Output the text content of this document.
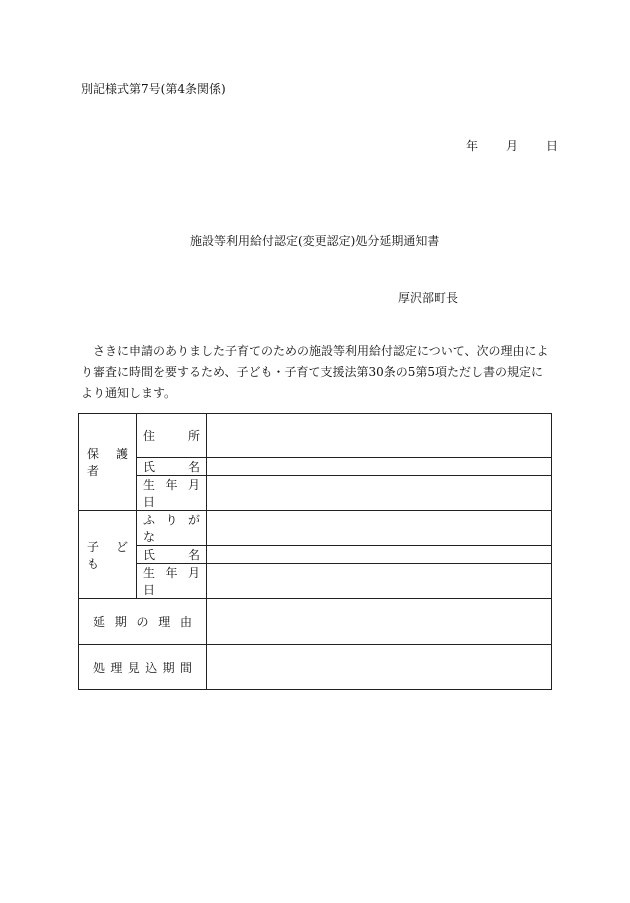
別記様式第7号(第4条関係)
年 月 日
施設等利用給付認定(変更認定)処分延期通知書
厚沢部町長
さきに申請のありました子育てのための施設等利用給付認定について、次の理由により審査に時間を要するため、子ども・子育て支援法第30条の5第5項ただし書の規定により通知します。
保 護 者	住　　所	
	氏　　名	
	生 年 月 日	
子 ど も	ふ り が な	
	氏　　名	
	生 年 月 日	
延 期 の 理 由		
処 理 見 込 期 間		
